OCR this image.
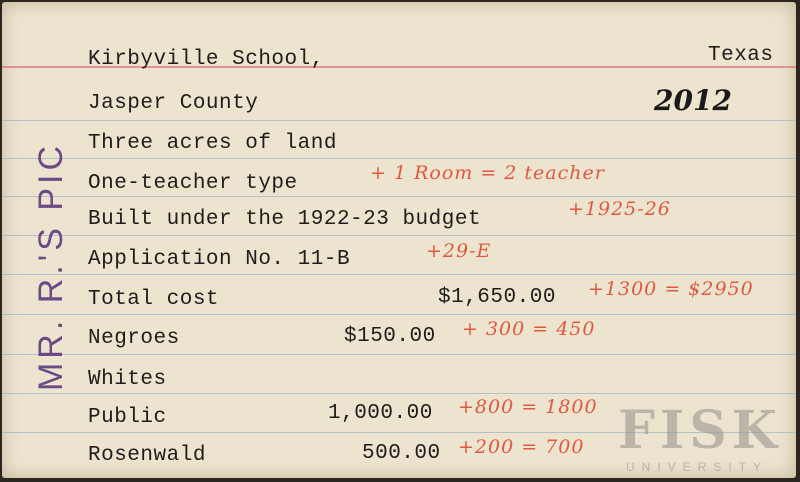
MR. R.'S PIC
Kirbyville School,	Texas
Jasper County	2012
Three acres of land
One-teacher type	+ 1 Room = 2 teacher
Built under the 1922-23 budget	+1925-26
Application No. 11-B	+29-E
Total cost	$1,650.00 +1300 = $2950
Negroes	$150.00 + 300 = 450
Whites
Public	1,000.00 +800 = 1800
Rosenwald	500.00 +200 = 700 FISK
UNIVERSITY
